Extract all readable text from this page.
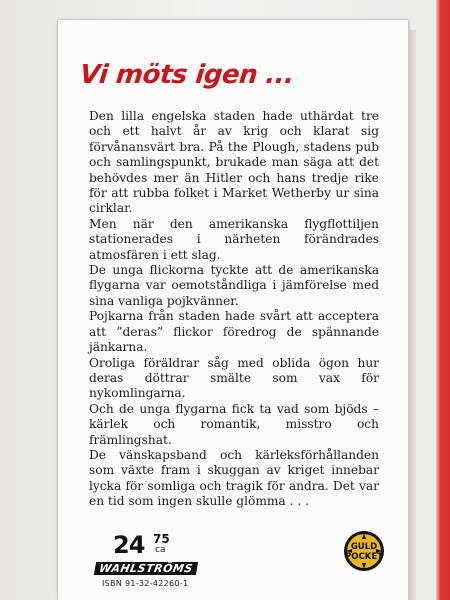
Vi möts igen ...

Den lilla engelska staden hade uthärdat tre och ett halvt år av krig och klarat sig förvånansvärt bra. På the Plough, stadens pub och samlingspunkt, brukade man säga att det behövdes mer än Hitler och hans tredje rike för att rubba folket i Market Wetherby ur sina cirklar.

Men när den amerikanska flygflottiljen stationerades i närheten förändrades atmosfären i ett slag.

De unga flickorna tyckte att de amerikanska flygarna var oemotståndliga i jämförelse med sina vanliga pojkvänner.

Pojkarna från staden hade svårt att acceptera att ”deras” flickor föredrog de spännande jänkarna.

Oroliga föräldrar såg med oblida ögon hur deras döttrar smälte som vax för nykomlingarna.

Och de unga flygarna fick ta vad som bjöds – kärlek och romantik, misstro och främlingshat.

De vänskapsband och kärleksförhållanden som växte fram i skuggan av kriget innebar lycka för somliga och tragik för andra. Det var en tid som ingen skulle glömma . . .

24 75
ca
WAHLSTRÖMS
ISBN 91-32-42260-1
GULD
POCKET
